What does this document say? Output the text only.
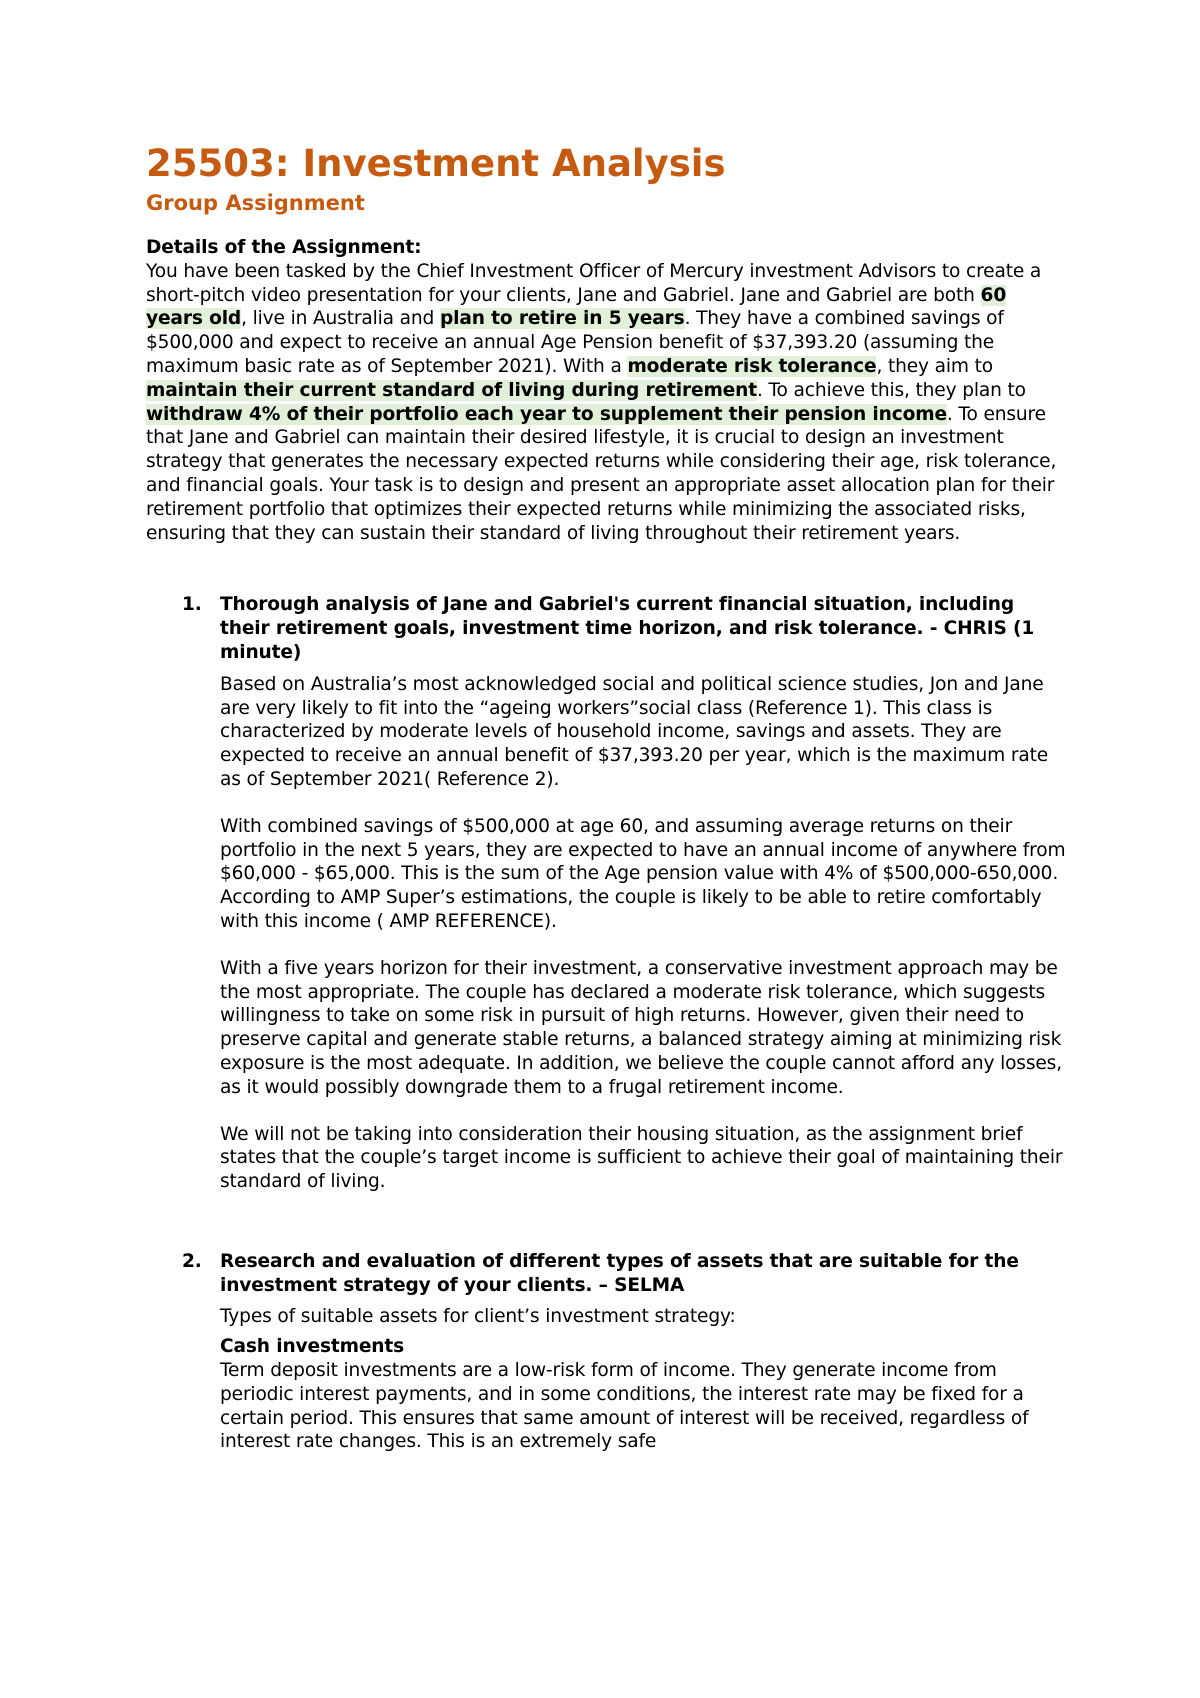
25503: Investment Analysis
Group Assignment
Details of the Assignment:
You have been tasked by the Chief Investment Officer of Mercury investment Advisors to create a short-pitch video presentation for your clients, Jane and Gabriel. Jane and Gabriel are both 60 years old, live in Australia and plan to retire in 5 years. They have a combined savings of $500,000 and expect to receive an annual Age Pension benefit of $37,393.20 (assuming the maximum basic rate as of September 2021). With a moderate risk tolerance, they aim to maintain their current standard of living during retirement. To achieve this, they plan to withdraw 4% of their portfolio each year to supplement their pension income. To ensure that Jane and Gabriel can maintain their desired lifestyle, it is crucial to design an investment strategy that generates the necessary expected returns while considering their age, risk tolerance, and financial goals. Your task is to design and present an appropriate asset allocation plan for their retirement portfolio that optimizes their expected returns while minimizing the associated risks, ensuring that they can sustain their standard of living throughout their retirement years.
1. Thorough analysis of Jane and Gabriel's current financial situation, including their retirement goals, investment time horizon, and risk tolerance. - CHRIS (1 minute)

Based on Australia’s most acknowledged social and political science studies, Jon and Jane are very likely to fit into the “ageing workers”social class (Reference 1). This class is characterized by moderate levels of household income, savings and assets. They are expected to receive an annual benefit of $37,393.20 per year, which is the maximum rate as of September 2021( Reference 2).

With combined savings of $500,000 at age 60, and assuming average returns on their portfolio in the next 5 years, they are expected to have an annual income of anywhere from $60,000 - $65,000. This is the sum of the Age pension value with 4% of $500,000-650,000. According to AMP Super’s estimations, the couple is likely to be able to retire comfortably with this income ( AMP REFERENCE).

With a five years horizon for their investment, a conservative investment approach may be the most appropriate. The couple has declared a moderate risk tolerance, which suggests willingness to take on some risk in pursuit of high returns. However, given their need to preserve capital and generate stable returns, a balanced strategy aiming at minimizing risk exposure is the most adequate. In addition, we believe the couple cannot afford any losses, as it would possibly downgrade them to a frugal retirement income.

We will not be taking into consideration their housing situation, as the assignment brief states that the couple’s target income is sufficient to achieve their goal of maintaining their standard of living.

2. Research and evaluation of different types of assets that are suitable for the investment strategy of your clients. – SELMA
Types of suitable assets for client’s investment strategy:
Cash investments
Term deposit investments are a low-risk form of income. They generate income from periodic interest payments, and in some conditions, the interest rate may be fixed for a certain period. This ensures that same amount of interest will be received, regardless of interest rate changes. This is an extremely safe
